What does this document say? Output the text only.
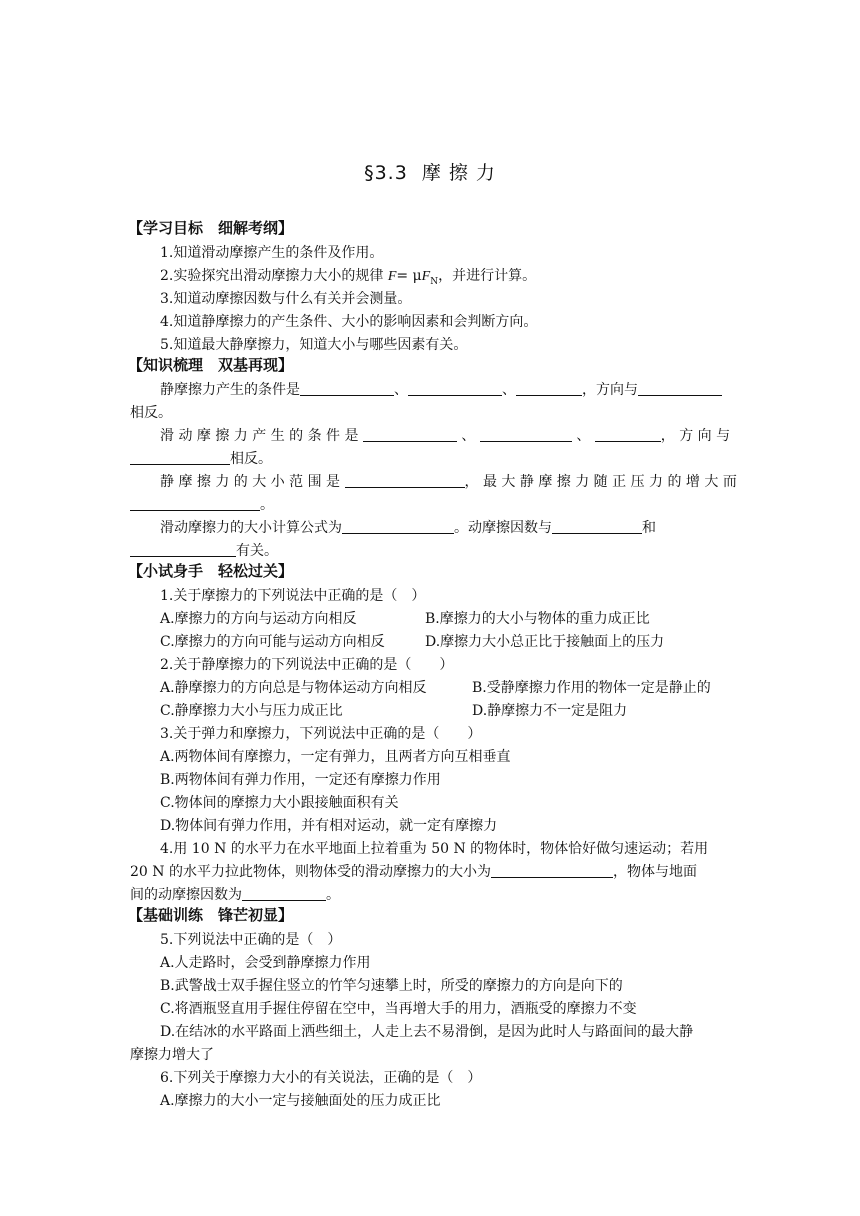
§3.3 摩 擦 力
【学习目标　细解考纲】
1.知道滑动摩擦产生的条件及作用。
2.实验探究出滑动摩擦力大小的规律 $F= \mu F_N$，并进行计算。
3.知道动摩擦因数与什么有关并会测量。
4.知道静摩擦力的产生条件、大小的影响因素和会判断方向。
5.知道最大静摩擦力，知道大小与哪些因素有关。
【知识梳理　双基再现】
静摩擦力产生的条件是	、	、	，方向与
相反。
滑 动 摩 擦 力 产 生 的 条 件 是	、	、	， 方 向 与
相反。
静 摩 擦 力 的 大 小 范 围 是	， 最 大 静 摩 擦 力 随 正 压 力 的 增 大 而
。
滑动摩擦力的大小计算公式为	。动摩擦因数与	和
有关。
【小试身手　轻松过关】
1.关于摩擦力的下列说法中正确的是（　）
A.摩擦力的方向与运动方向相反	B.摩擦力的大小与物体的重力成正比
C.摩擦力的方向可能与运动方向相反	D.摩擦力大小总正比于接触面上的压力
2.关于静摩擦力的下列说法中正确的是（　　）
A.静摩擦力的方向总是与物体运动方向相反	B.受静摩擦力作用的物体一定是静止的
C.静摩擦力大小与压力成正比	D.静摩擦力不一定是阻力
3.关于弹力和摩擦力，下列说法中正确的是（　　）
A.两物体间有摩擦力，一定有弹力，且两者方向互相垂直
B.两物体间有弹力作用，一定还有摩擦力作用
C.物体间的摩擦力大小跟接触面积有关
D.物体间有弹力作用，并有相对运动，就一定有摩擦力
4.用 10 N 的水平力在水平地面上拉着重为 50 N 的物体时，物体恰好做匀速运动；若用
20 N 的水平力拉此物体，则物体受的滑动摩擦力的大小为	，物体与地面
间的动摩擦因数为	。
【基础训练　锋芒初显】
5.下列说法中正确的是（　）
A.人走路时，会受到静摩擦力作用
B.武警战士双手握住竖立的竹竿匀速攀上时，所受的摩擦力的方向是向下的
C.将酒瓶竖直用手握住停留在空中，当再增大手的用力，酒瓶受的摩擦力不变
D.在结冰的水平路面上洒些细土，人走上去不易滑倒，是因为此时人与路面间的最大静
摩擦力增大了
6.下列关于摩擦力大小的有关说法，正确的是（　）
A.摩擦力的大小一定与接触面处的压力成正比
